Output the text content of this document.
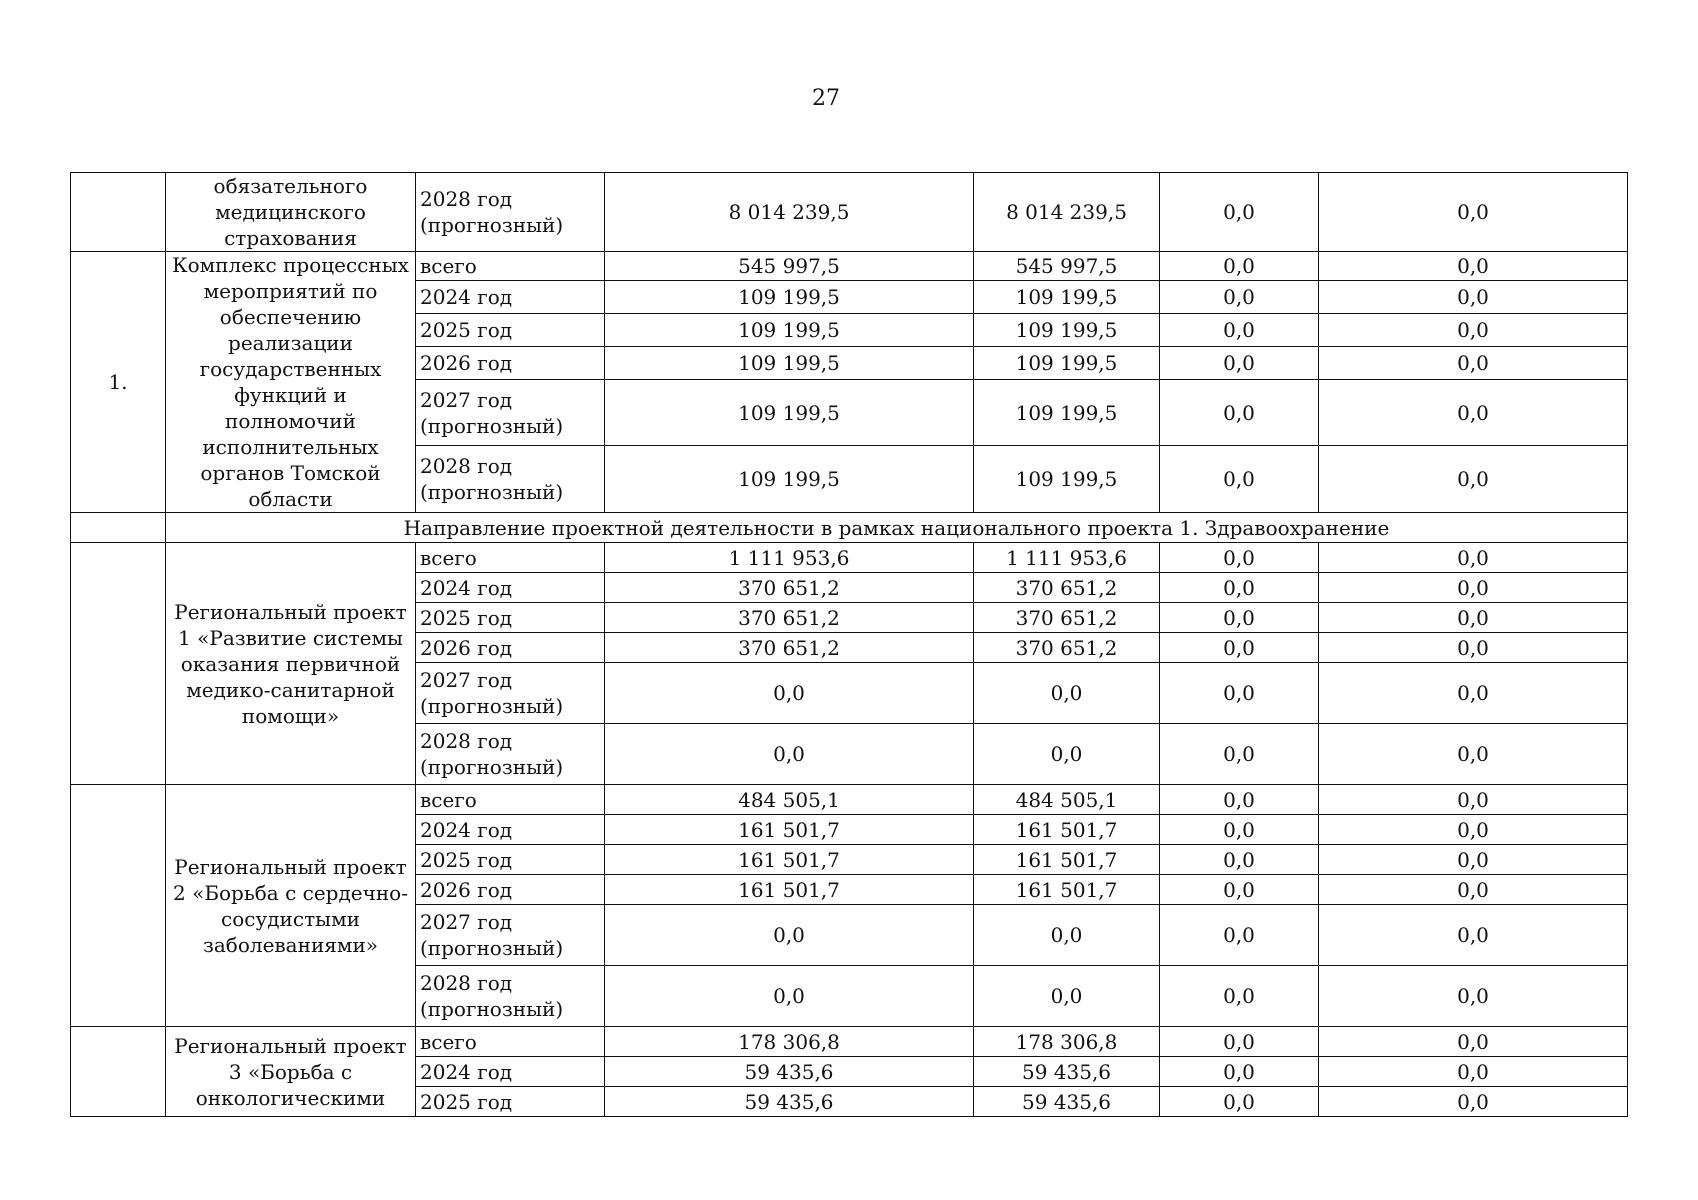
27
	обязательного медицинского страхования	2028 год (прогнозный)	8 014 239,5	8 014 239,5	0,0	0,0
1.	Комплекс процессных мероприятий по обеспечению реализации государственных функций и полномочий исполнительных органов Томской области	всего	545 997,5	545 997,5	0,0	0,0
		2024 год	109 199,5	109 199,5	0,0	0,0
		2025 год	109 199,5	109 199,5	0,0	0,0
		2026 год	109 199,5	109 199,5	0,0	0,0
		2027 год (прогнозный)	109 199,5	109 199,5	0,0	0,0
		2028 год (прогнозный)	109 199,5	109 199,5	0,0	0,0
	Направление проектной деятельности в рамках национального проекта 1. Здравоохранение					
	Региональный проект 1 «Развитие системы оказания первичной медико-санитарной помощи»	всего	1 111 953,6	1 111 953,6	0,0	0,0
		2024 год	370 651,2	370 651,2	0,0	0,0
		2025 год	370 651,2	370 651,2	0,0	0,0
		2026 год	370 651,2	370 651,2	0,0	0,0
		2027 год (прогнозный)	0,0	0,0	0,0	0,0
		2028 год (прогнозный)	0,0	0,0	0,0	0,0
	Региональный проект 2 «Борьба с сердечно-сосудистыми заболеваниями»	всего	484 505,1	484 505,1	0,0	0,0
		2024 год	161 501,7	161 501,7	0,0	0,0
		2025 год	161 501,7	161 501,7	0,0	0,0
		2026 год	161 501,7	161 501,7	0,0	0,0
		2027 год (прогнозный)	0,0	0,0	0,0	0,0
		2028 год (прогнозный)	0,0	0,0	0,0	0,0
	Региональный проект 3 «Борьба с онкологическими	всего	178 306,8	178 306,8	0,0	0,0
		2024 год	59 435,6	59 435,6	0,0	0,0
		2025 год	59 435,6	59 435,6	0,0	0,0
